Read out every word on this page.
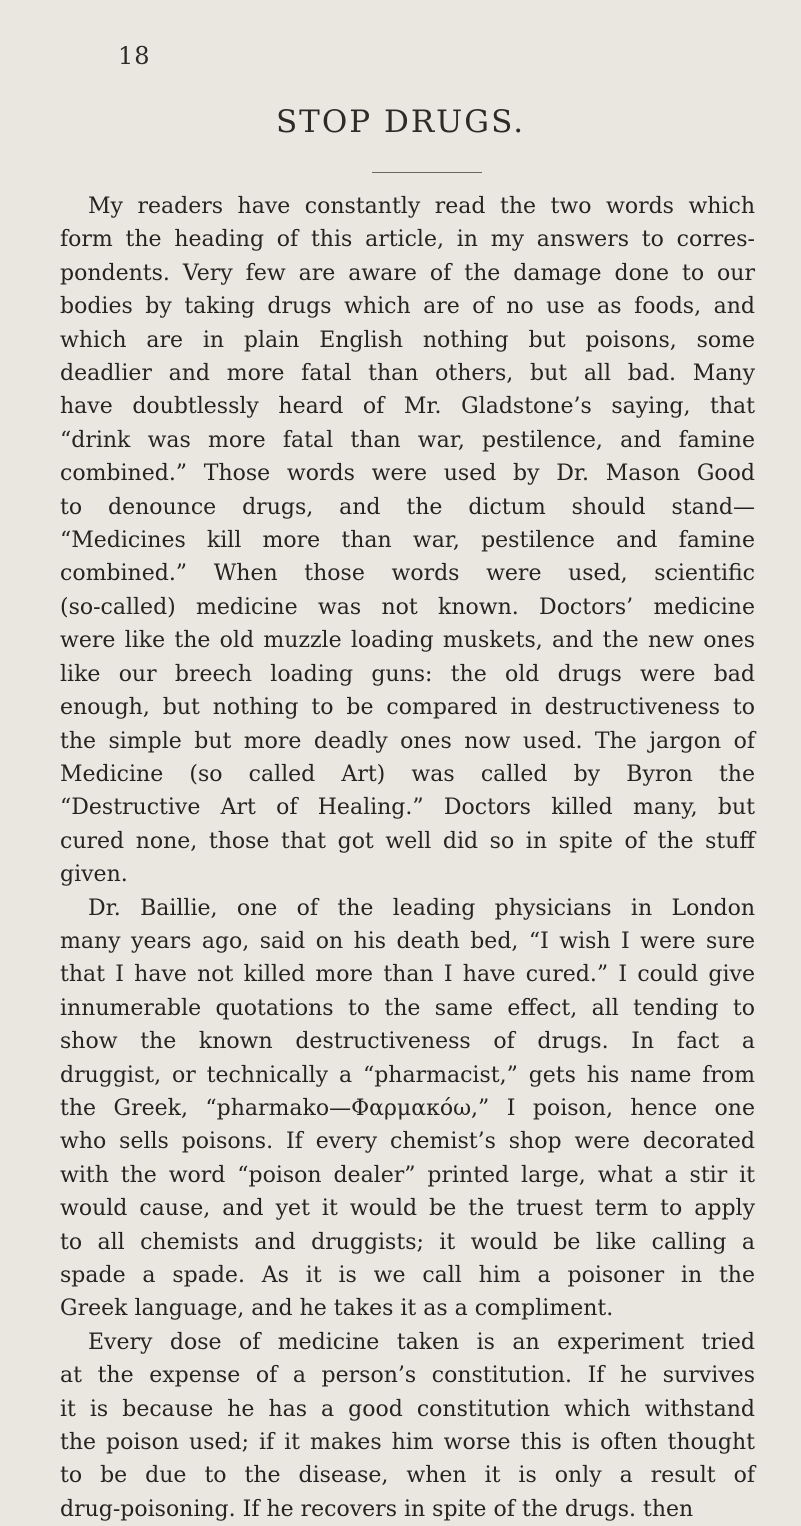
18
STOP DRUGS.

My readers have constantly read the two words which
form the heading of this article, in my answers to corres-
pondents. Very few are aware of the damage done to our
bodies by taking drugs which are of no use as foods, and
which are in plain English nothing but poisons, some
deadlier and more fatal than others, but all bad. Many
have doubtlessly heard of Mr. Gladstone’s saying, that
“drink was more fatal than war, pestilence, and famine
combined.” Those words were used by Dr. Mason Good
to denounce drugs, and the dictum should stand—
“Medicines kill more than war, pestilence and famine
combined.” When those words were used, scientific
(so-called) medicine was not known. Doctors’ medicine
were like the old muzzle loading muskets, and the new ones
like our breech loading guns: the old drugs were bad
enough, but nothing to be compared in destructiveness to
the simple but more deadly ones now used. The jargon of
Medicine (so called Art) was called by Byron the
“Destructive Art of Healing.” Doctors killed many, but
cured none, those that got well did so in spite of the stuff
given.

Dr. Baillie, one of the leading physicians in London
many years ago, said on his death bed, “I wish I were sure
that I have not killed more than I have cured.” I could give
innumerable quotations to the same effect, all tending to
show the known destructiveness of drugs. In fact a
druggist, or technically a “pharmacist,” gets his name from
the Greek, “pharmako—Φαρμακόω,” I poison, hence one
who sells poisons. If every chemist’s shop were decorated
with the word “poison dealer” printed large, what a stir it
would cause, and yet it would be the truest term to apply
to all chemists and druggists; it would be like calling a
spade a spade. As it is we call him a poisoner in the
Greek language, and he takes it as a compliment.

Every dose of medicine taken is an experiment tried
at the expense of a person’s constitution. If he survives
it is because he has a good constitution which withstand
the poison used; if it makes him worse this is often thought
to be due to the disease, when it is only a result of
drug-poisoning. If he recovers in spite of the drugs. then
